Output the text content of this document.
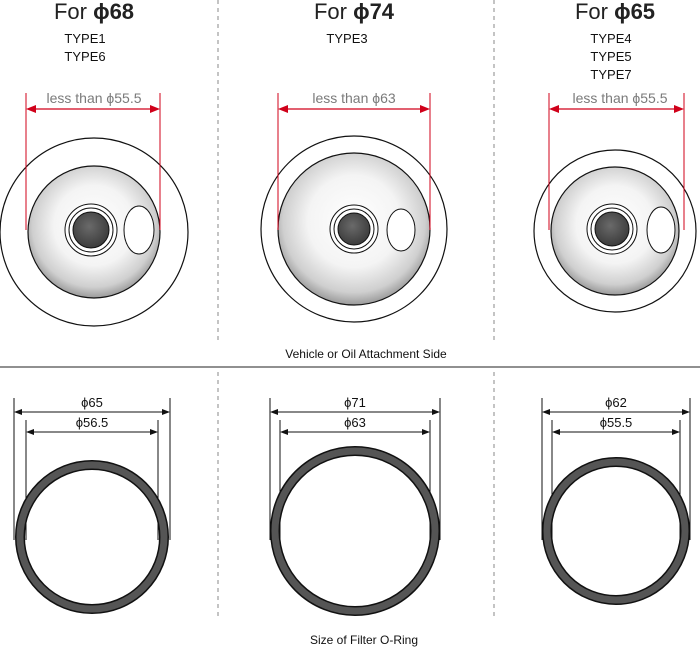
For ϕ68
TYPE1
TYPE6
less than ϕ55.5
ϕ65
ϕ56.5
For ϕ74
TYPE3
less than ϕ63
ϕ71
ϕ63
For ϕ65
TYPE4
TYPE5
TYPE7
less than ϕ55.5
ϕ62
ϕ55.5
Vehicle or Oil Attachment Side
Size of Filter O-Ring
